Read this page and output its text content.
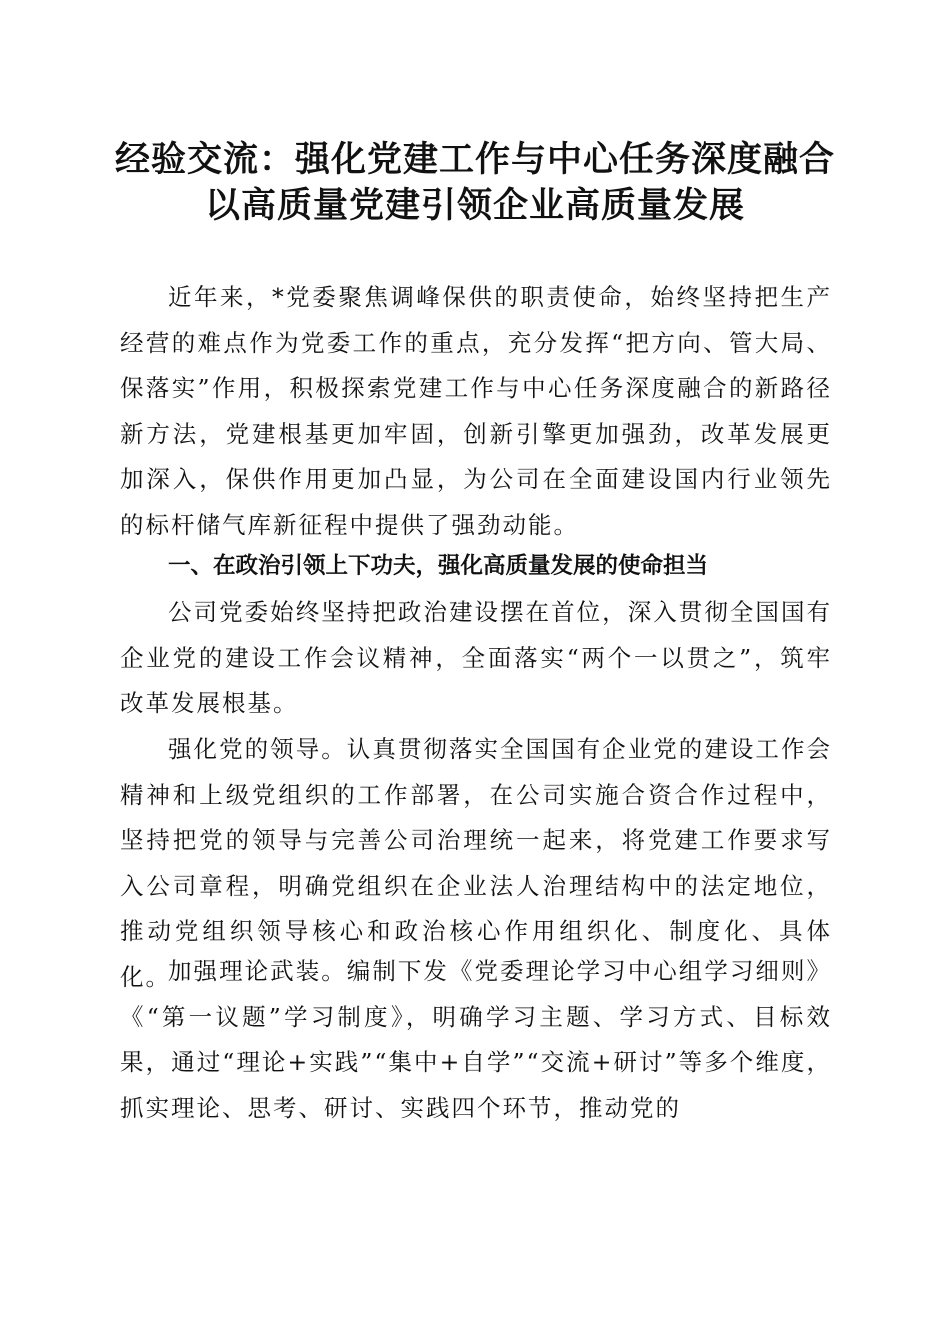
经验交流：强化党建工作与中心任务深度融合
以高质量党建引领企业高质量发展

近年来，*党委聚焦调峰保供的职责使命，始终坚持把生产经营的难点作为党委工作的重点，充分发挥“把方向、管大局、保落实”作用，积极探索党建工作与中心任务深度融合的新路径新方法，党建根基更加牢固，创新引擎更加强劲，改革发展更加深入，保供作用更加凸显，为公司在全面建设国内行业领先的标杆储气库新征程中提供了强劲动能。

一、在政治引领上下功夫，强化高质量发展的使命担当

公司党委始终坚持把政治建设摆在首位，深入贯彻全国国有企业党的建设工作会议精神，全面落实“两个一以贯之”，筑牢改革发展根基。

强化党的领导。认真贯彻落实全国国有企业党的建设工作会精神和上级党组织的工作部署，在公司实施合资合作过程中，坚持把党的领导与完善公司治理统一起来，将党建工作要求写入公司章程，明确党组织在企业法人治理结构中的法定地位，推动党组织领导核心和政治核心作用组织化、制度化、具体化。

加强理论武装。编制下发《党委理论学习中心组学习细则》《“第一议题”学习制度》，明确学习主题、学习方式、目标效果，通过“理论+实践”“集中+自学”“交流+研讨”等多个维度，抓实理论、思考、研讨、实践四个环节，推动党的
